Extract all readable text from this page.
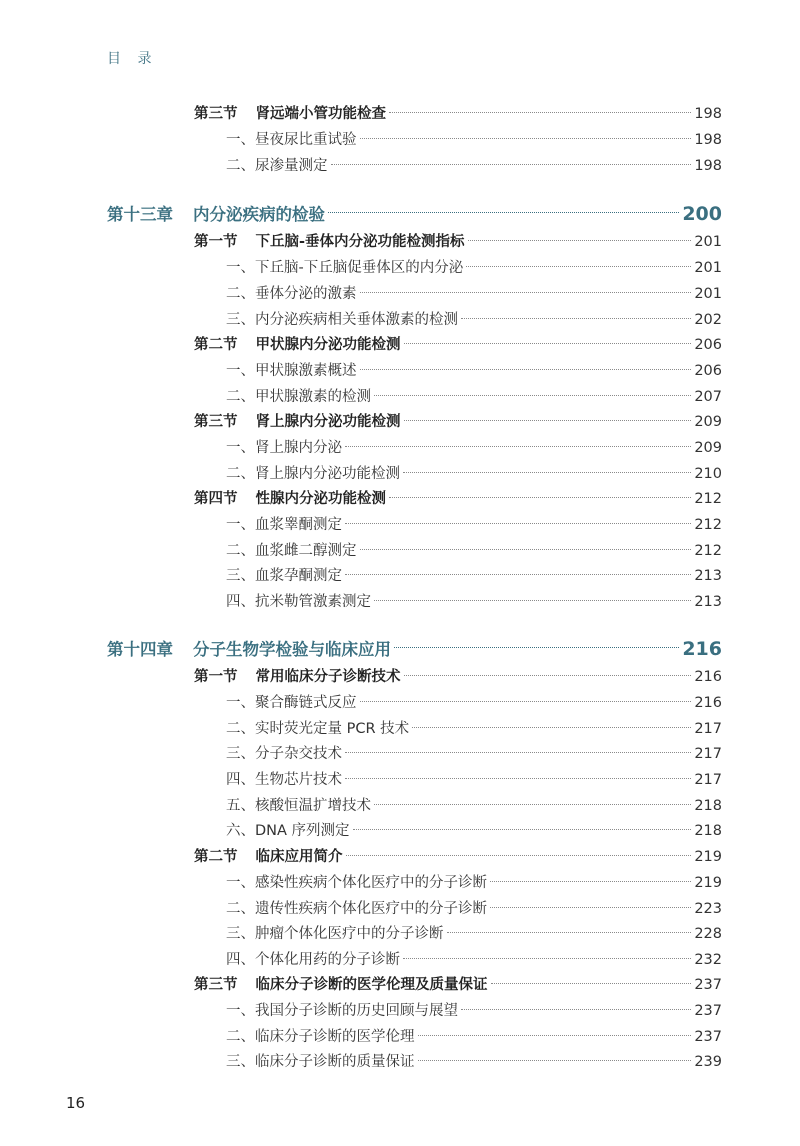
目 录
第三节 肾远端小管功能检查	198
一、昼夜尿比重试验	198
二、尿渗量测定	198
第十三章 内分泌疾病的检验	200
第一节 下丘脑-垂体内分泌功能检测指标	201
一、下丘脑-下丘脑促垂体区的内分泌	201
二、垂体分泌的激素	201
三、内分泌疾病相关垂体激素的检测	202
第二节 甲状腺内分泌功能检测	206
一、甲状腺激素概述	206
二、甲状腺激素的检测	207
第三节 肾上腺内分泌功能检测	209
一、肾上腺内分泌	209
二、肾上腺内分泌功能检测	210
第四节 性腺内分泌功能检测	212
一、血浆睾酮测定	212
二、血浆雌二醇测定	212
三、血浆孕酮测定	213
四、抗米勒管激素测定	213
第十四章 分子生物学检验与临床应用	216
第一节 常用临床分子诊断技术	216
一、聚合酶链式反应	216
二、实时荧光定量 PCR 技术	217
三、分子杂交技术	217
四、生物芯片技术	217
五、核酸恒温扩增技术	218
六、DNA 序列测定	218
第二节 临床应用简介	219
一、感染性疾病个体化医疗中的分子诊断	219
二、遗传性疾病个体化医疗中的分子诊断	223
三、肿瘤个体化医疗中的分子诊断	228
四、个体化用药的分子诊断	232
第三节 临床分子诊断的医学伦理及质量保证	237
一、我国分子诊断的历史回顾与展望	237
二、临床分子诊断的医学伦理	237
三、临床分子诊断的质量保证	239
16
